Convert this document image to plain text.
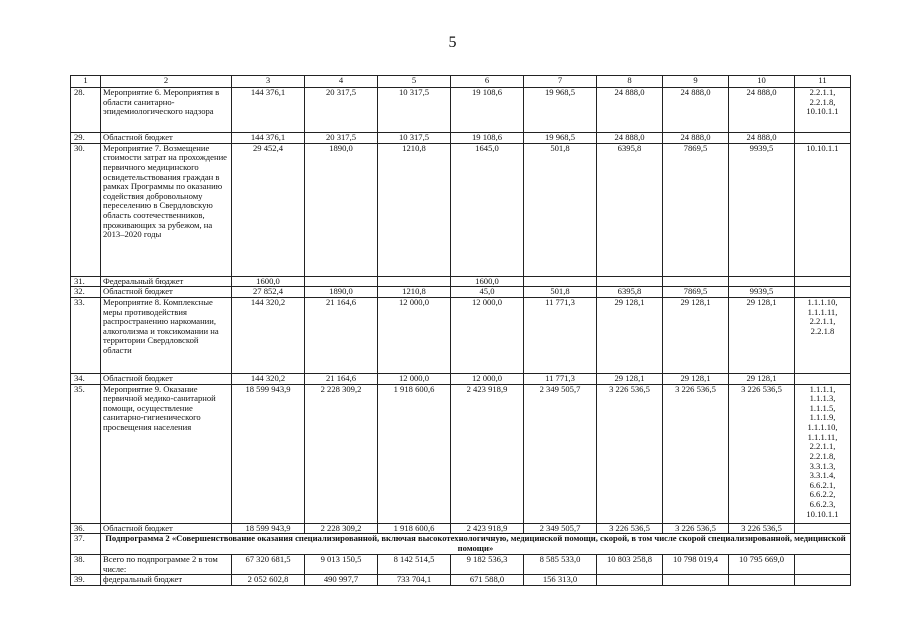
5
1	2	3	4	5	6	7	8	9	10	11
28.	Мероприятие 6. Мероприятия в области санитарно-эпидемиологического надзора	144 376,1	20 317,5	10 317,5	19 108,6	19 968,5	24 888,0	24 888,0	24 888,0	2.2.1.1, 2.2.1.8, 10.10.1.1
29.	Областной бюджет	144 376,1	20 317,5	10 317,5	19 108,6	19 968,5	24 888,0	24 888,0	24 888,0	
30.	Мероприятие 7. Возмещение стоимости затрат на прохождение первичного медицинского освидетельствования граждан в рамках Программы по оказанию содействия добровольному переселению в Свердловскую область соотечественников, проживающих за рубежом, на 2013–2020 годы	29 452,4	1890,0	1210,8	1645,0	501,8	6395,8	7869,5	9939,5	10.10.1.1
31.	Федеральный бюджет	1600,0			1600,0					
32.	Областной бюджет	27 852,4	1890,0	1210,8	45,0	501,8	6395,8	7869,5	9939,5	
33.	Мероприятие 8. Комплексные меры противодействия распространению наркомании, алкоголизма и токсикомании на территории Свердловской области	144 320,2	21 164,6	12 000,0	12 000,0	11 771,3	29 128,1	29 128,1	29 128,1	1.1.1.10, 1.1.1.11, 2.2.1.1, 2.2.1.8
34.	Областной бюджет	144 320,2	21 164,6	12 000,0	12 000,0	11 771,3	29 128,1	29 128,1	29 128,1	
35.	Мероприятие 9. Оказание первичной медико-санитарной помощи, осуществление санитарно-гигиенического просвещения населения	18 599 943,9	2 228 309,2	1 918 600,6	2 423 918,9	2 349 505,7	3 226 536,5	3 226 536,5	3 226 536,5	1.1.1.1, 1.1.1.3, 1.1.1.5, 1.1.1.9, 1.1.1.10, 1.1.1.11, 2.2.1.1, 2.2.1.8, 3.3.1.3, 3.3.1.4, 6.6.2.1, 6.6.2.2, 6.6.2.3, 10.10.1.1
36.	Областной бюджет	18 599 943,9	2 228 309,2	1 918 600,6	2 423 918,9	2 349 505,7	3 226 536,5	3 226 536,5	3 226 536,5	
37.	Подпрограмма 2 «Совершенствование оказания специализированной, включая высокотехнологичную, медицинской помощи, скорой, в том числе скорой специализированной, медицинской помощи»									
38.	Всего по подпрограмме 2 в том числе:	67 320 681,5	9 013 150,5	8 142 514,5	9 182 536,3	8 585 533,0	10 803 258,8	10 798 019,4	10 795 669,0	
39.	федеральный бюджет	2 052 602,8	490 997,7	733 704,1	671 588,0	156 313,0				
